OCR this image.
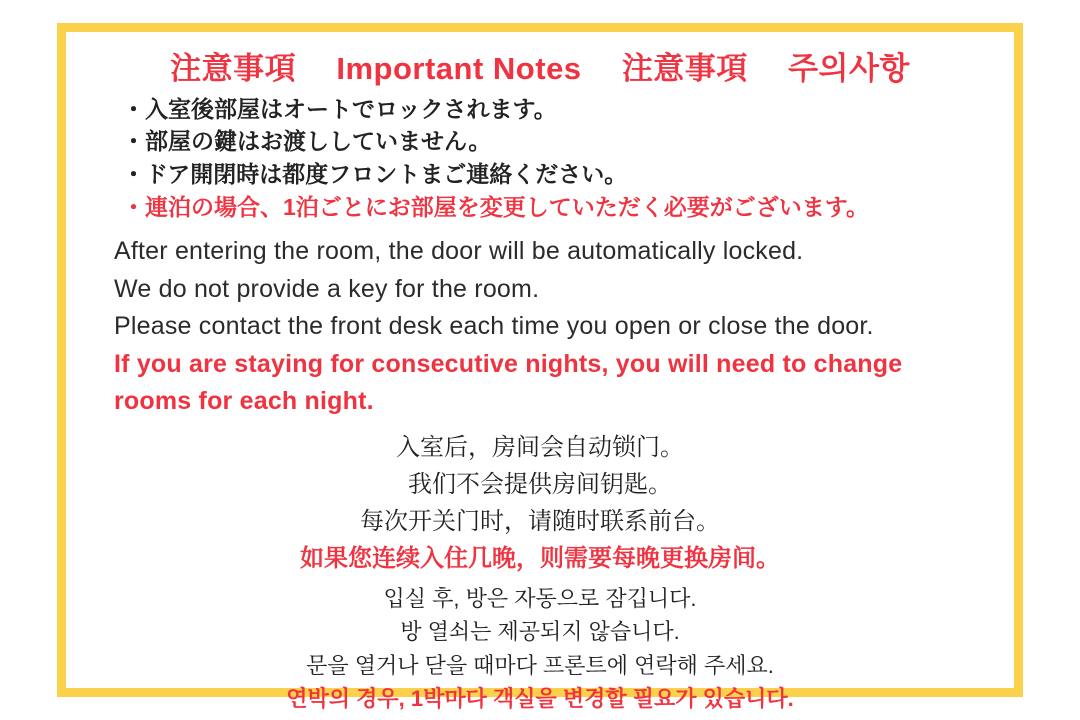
注意事項 Important Notes 注意事項 주의사항
・入室後部屋はオートでロックされます。
・部屋の鍵はお渡ししていません。
・ドア開閉時は都度フロントまご連絡ください。
・連泊の場合、1泊ごとにお部屋を変更していただく必要がございます。
After entering the room, the door will be automatically locked.
We do not provide a key for the room.
Please contact the front desk each time you open or close the door.
If you are staying for consecutive nights, you will need to change
rooms for each night.
入室后，房间会自动锁门。
我们不会提供房间钥匙。
每次开关门时，请随时联系前台。
如果您连续入住几晚，则需要每晚更换房间。
입실 후, 방은 자동으로 잠깁니다.
방 열쇠는 제공되지 않습니다.
문을 열거나 닫을 때마다 프론트에 연락해 주세요.
연박의 경우, 1박마다 객실을 변경할 필요가 있습니다.
